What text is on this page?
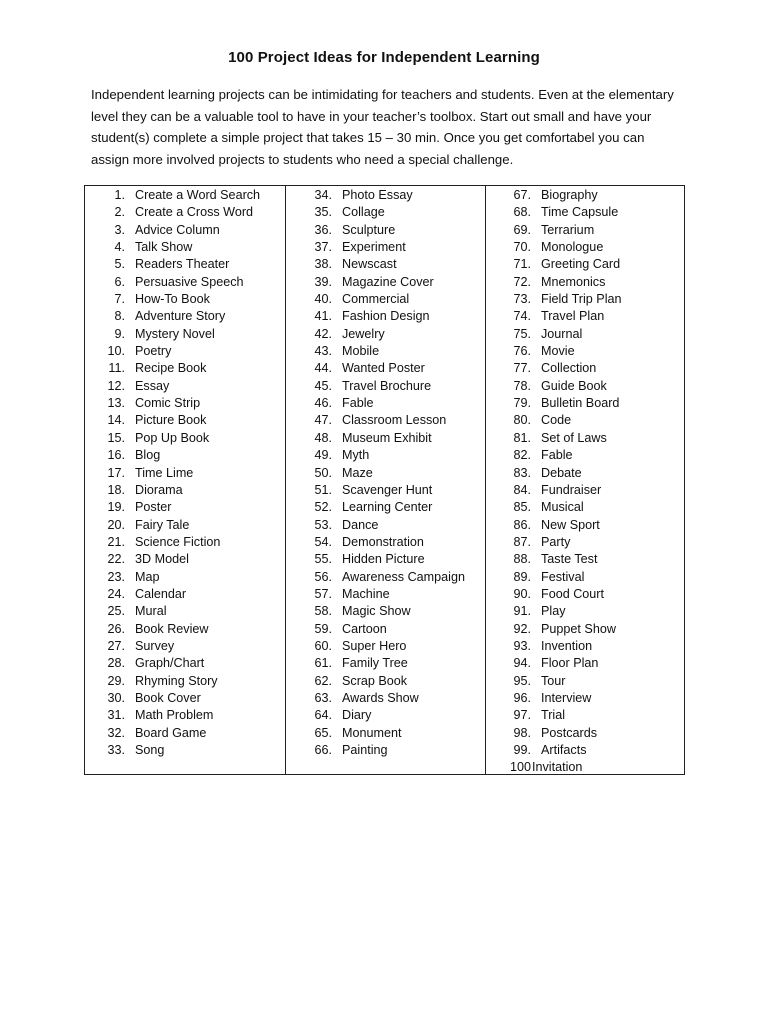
100 Project Ideas for Independent Learning

Independent learning projects can be intimidating for teachers and students. Even at the elementary level they can be a valuable tool to have in your teacher’s toolbox. Start out small and have your student(s) complete a simple project that takes 15 – 30 min. Once you get comfortabel you can assign more involved projects to students who need a special challenge.

1. Create a Word Search
2. Create a Cross Word
3. Advice Column
4. Talk Show
5. Readers Theater
6. Persuasive Speech
7. How-To Book
8. Adventure Story
9. Mystery Novel
10. Poetry
11. Recipe Book
12. Essay
13. Comic Strip
14. Picture Book
15. Pop Up Book
16. Blog
17. Time Lime
18. Diorama
19. Poster
20. Fairy Tale
21. Science Fiction
22. 3D Model
23. Map
24. Calendar
25. Mural
26. Book Review
27. Survey
28. Graph/Chart
29. Rhyming Story
30. Book Cover
31. Math Problem
32. Board Game
33. Song
34. Photo Essay
35. Collage
36. Sculpture
37. Experiment
38. Newscast
39. Magazine Cover
40. Commercial
41. Fashion Design
42. Jewelry
43. Mobile
44. Wanted Poster
45. Travel Brochure
46. Fable
47. Classroom Lesson
48. Museum Exhibit
49. Myth
50. Maze
51. Scavenger Hunt
52. Learning Center
53. Dance
54. Demonstration
55. Hidden Picture
56. Awareness Campaign
57. Machine
58. Magic Show
59. Cartoon
60. Super Hero
61. Family Tree
62. Scrap Book
63. Awards Show
64. Diary
65. Monument
66. Painting
67. Biography
68. Time Capsule
69. Terrarium
70. Monologue
71. Greeting Card
72. Mnemonics
73. Field Trip Plan
74. Travel Plan
75. Journal
76. Movie
77. Collection
78. Guide Book
79. Bulletin Board
80. Code
81. Set of Laws
82. Fable
83. Debate
84. Fundraiser
85. Musical
86. New Sport
87. Party
88. Taste Test
89. Festival
90. Food Court
91. Play
92. Puppet Show
93. Invention
94. Floor Plan
95. Tour
96. Interview
97. Trial
98. Postcards
99. Artifacts
100 Invitation
